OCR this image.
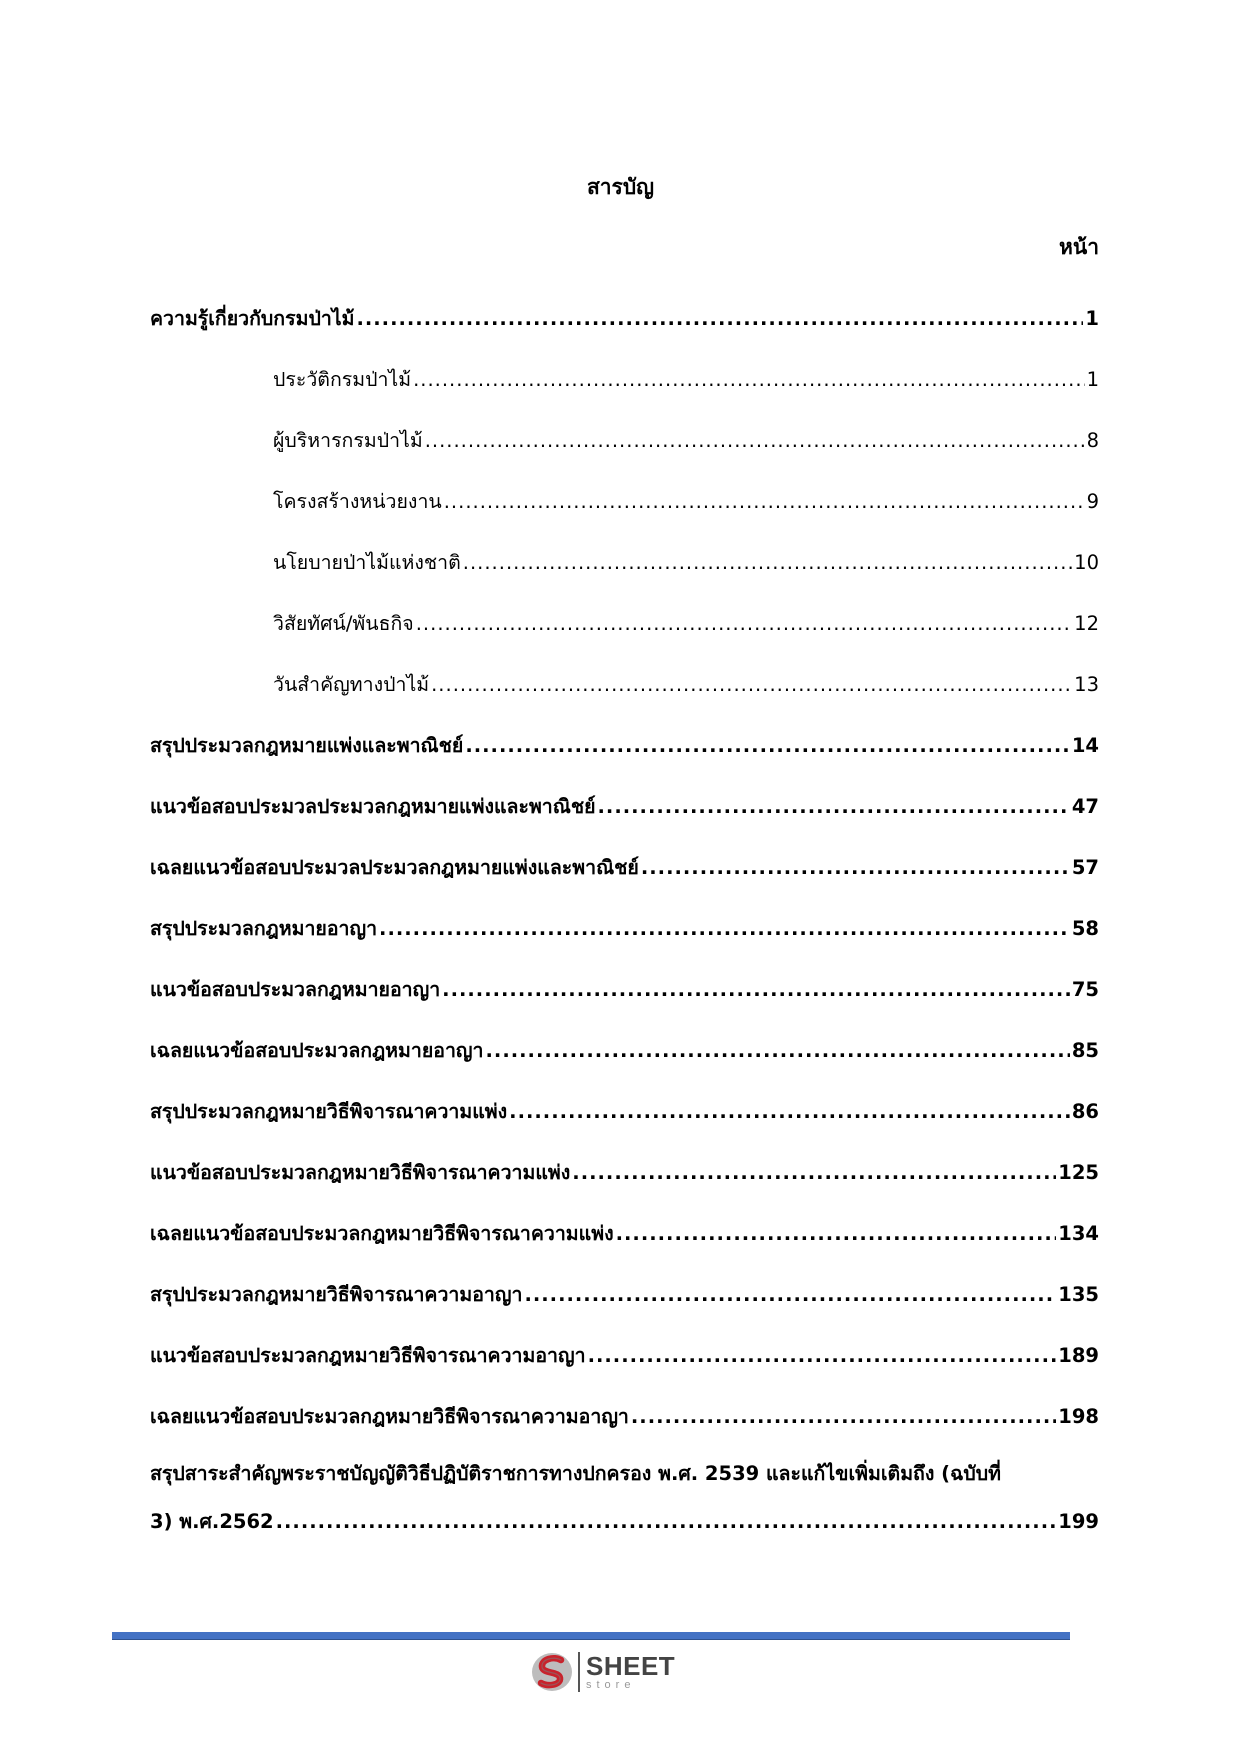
สารบัญ
หน้า
ความรู้เกี่ยวกับกรมป่าไม้ .....	1
ประวัติกรมป่าไม้ .....	1
ผู้บริหารกรมป่าไม้ .....	8
โครงสร้างหน่วยงาน .....	9
นโยบายป่าไม้แห่งชาติ .....	10
วิสัยทัศน์/พันธกิจ .....	12
วันสำคัญทางป่าไม้ .....	13
สรุปประมวลกฎหมายแพ่งและพาณิชย์ .....	14
แนวข้อสอบประมวลประมวลกฎหมายแพ่งและพาณิชย์ .....	47
เฉลยแนวข้อสอบประมวลประมวลกฎหมายแพ่งและพาณิชย์ .....	57
สรุปประมวลกฎหมายอาญา .....	58
แนวข้อสอบประมวลกฎหมายอาญา .....	75
เฉลยแนวข้อสอบประมวลกฎหมายอาญา .....	85
สรุปประมวลกฎหมายวิธีพิจารณาความแพ่ง .....	86
แนวข้อสอบประมวลกฎหมายวิธีพิจารณาความแพ่ง .....	125
เฉลยแนวข้อสอบประมวลกฎหมายวิธีพิจารณาความแพ่ง .....	134
สรุปประมวลกฎหมายวิธีพิจารณาความอาญา .....	135
แนวข้อสอบประมวลกฎหมายวิธีพิจารณาความอาญา .....	189
เฉลยแนวข้อสอบประมวลกฎหมายวิธีพิจารณาความอาญา .....	198
สรุปสาระสำคัญพระราชบัญญัติวิธีปฏิบัติราชการทางปกครอง พ.ศ. 2539 และแก้ไขเพิ่มเติมถึง (ฉบับที่
3) พ.ศ.2562 .....	199
SHEET
store
